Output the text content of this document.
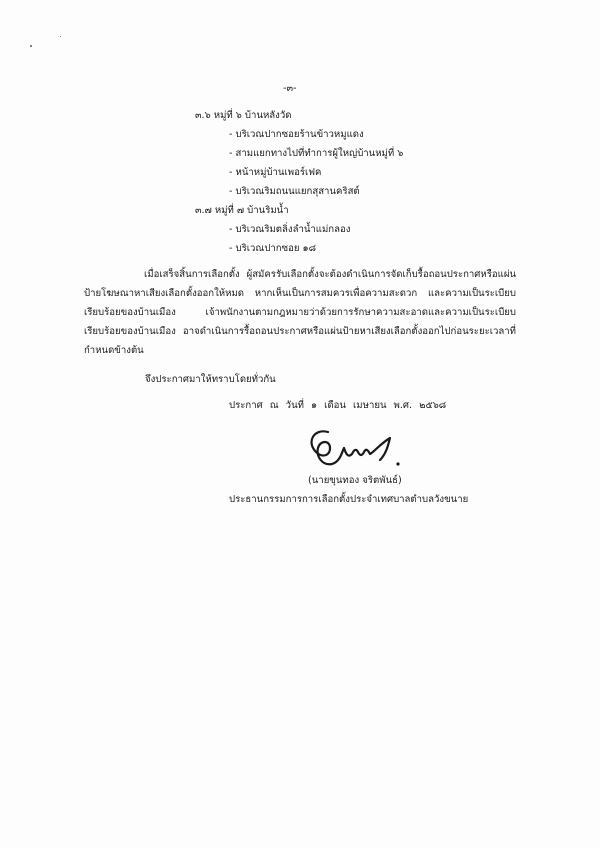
-๓-
๓.๖ หมู่ที่ ๖ บ้านหลังวัด
- บริเวณปากซอยร้านข้าวหมูแดง
- สามแยกทางไปที่ทำการผู้ใหญ่บ้านหมู่ที่ ๖
- หน้าหมู่บ้านเพอร์เฟค
- บริเวณริมถนนแยกสุสานคริสต์
๓.๗ หมู่ที่ ๗ บ้านริมน้ำ
- บริเวณริมตลิ่งลำน้ำแม่กลอง
- บริเวณปากซอย ๑๘
เมื่อเสร็จสิ้นการเลือกตั้ง ผู้สมัครรับเลือกตั้งจะต้องดำเนินการจัดเก็บรื้อถอนประกาศหรือแผ่นป้ายโฆษณาหาเสียงเลือกตั้งออกให้หมด หากเห็นเป็นการสมควรเพื่อความสะดวก และความเป็นระเบียบเรียบร้อยของบ้านเมือง เจ้าพนักงานตามกฎหมายว่าด้วยการรักษาความสะอาดและความเป็นระเบียบเรียบร้อยของบ้านเมือง อาจดำเนินการรื้อถอนประกาศหรือแผ่นป้ายหาเสียงเลือกตั้งออกไปก่อนระยะเวลาที่กำหนดข้างต้น
จึงประกาศมาให้ทราบโดยทั่วกัน
ประกาศ ณ วันที่ ๑ เดือน เมษายน พ.ศ. ๒๕๖๘
(นายขุนทอง จริตพันธ์)
ประธานกรรมการการเลือกตั้งประจำเทศบาลตำบลวังขนาย
